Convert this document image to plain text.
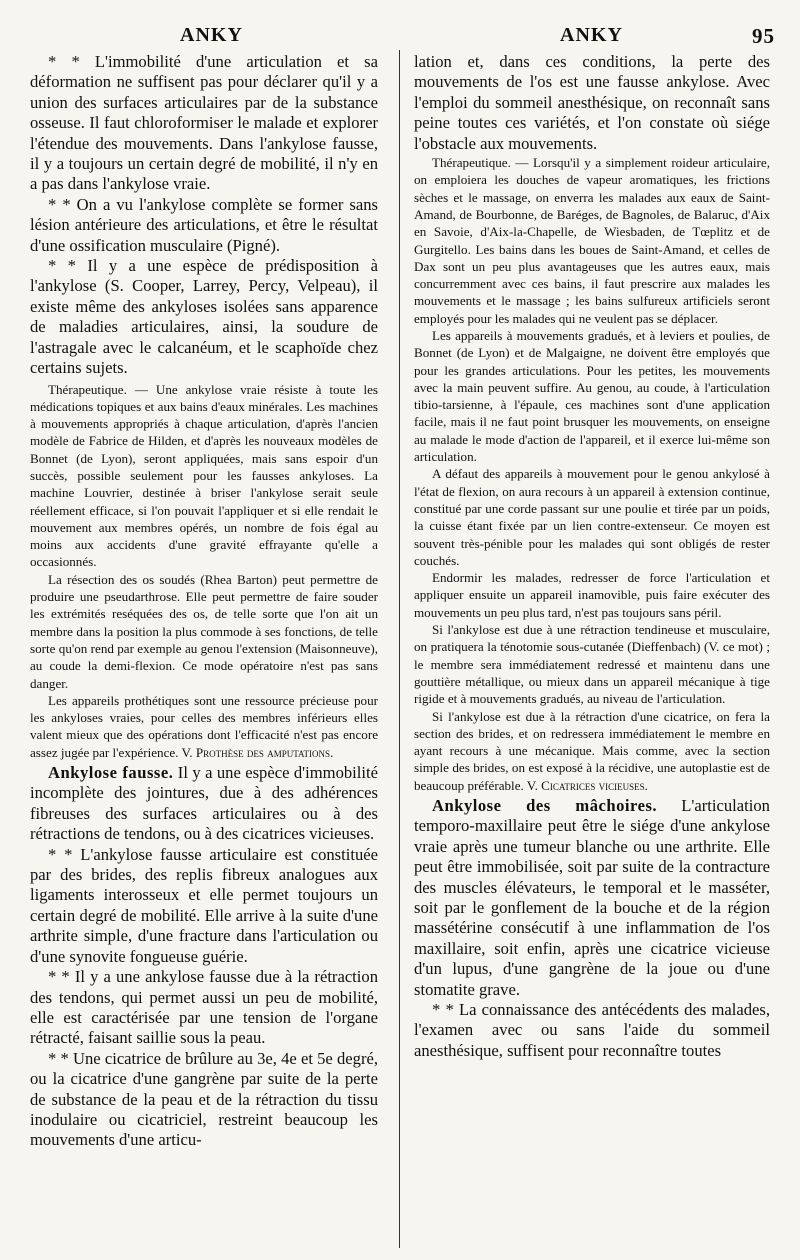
ANKY	ANKY	95

* * L'immobilité d'une articulation et sa déformation ne suffisent pas pour déclarer qu'il y a union des surfaces articulaires par de la substance osseuse. Il faut chloroformiser le malade et explorer l'étendue des mouvements. Dans l'ankylose fausse, il y a toujours un certain degré de mobilité, il n'y en a pas dans l'ankylose vraie.

* * On a vu l'ankylose complète se former sans lésion antérieure des articulations, et être le résultat d'une ossification musculaire (Pigné).

* * Il y a une espèce de prédisposition à l'ankylose (S. Cooper, Larrey, Percy, Velpeau), il existe même des ankyloses isolées sans apparence de maladies articulaires, ainsi, la soudure de l'astragale avec le calcanéum, et le scaphoïde chez certains sujets.

Thérapeutique. — Une ankylose vraie résiste à toute les médications topiques et aux bains d'eaux minérales. Les machines à mouvements appropriés à chaque articulation, d'après l'ancien modèle de Fabrice de Hilden, et d'après les nouveaux modèles de Bonnet (de Lyon), seront appliquées, mais sans espoir d'un succès, possible seulement pour les fausses ankyloses. La machine Louvrier, destinée à briser l'ankylose serait seule réellement efficace, si l'on pouvait l'appliquer et si elle rendait le mouvement aux membres opérés, un nombre de fois égal au moins aux accidents d'une gravité effrayante qu'elle a occasionnés.

La résection des os soudés (Rhea Barton) peut permettre de produire une pseudarthrose. Elle peut permettre de faire souder les extrémités reséquées des os, de telle sorte que l'on ait un membre dans la position la plus commode à ses fonctions, de telle sorte qu'on rend par exemple au genou l'extension (Maisonneuve), au coude la demi-flexion. Ce mode opératoire n'est pas sans danger.

Les appareils prothétiques sont une ressource précieuse pour les ankyloses vraies, pour celles des membres inférieurs elles valent mieux que des opérations dont l'efficacité n'est pas encore assez jugée par l'expérience. V. Prothèse des amputations.

Ankylose fausse. Il y a une espèce d'immobilité incomplète des jointures, due à des adhérences fibreuses des surfaces articulaires ou à des rétractions de tendons, ou à des cicatrices vicieuses.

* * L'ankylose fausse articulaire est constituée par des brides, des replis fibreux analogues aux ligaments interosseux et elle permet toujours un certain degré de mobilité. Elle arrive à la suite d'une arthrite simple, d'une fracture dans l'articulation ou d'une synovite fongueuse guérie.

* * Il y a une ankylose fausse due à la rétraction des tendons, qui permet aussi un peu de mobilité, elle est caractérisée par une tension de l'organe rétracté, faisant saillie sous la peau.

* * Une cicatrice de brûlure au 3e, 4e et 5e degré, ou la cicatrice d'une gangrène par suite de la perte de substance de la peau et de la rétraction du tissu inodulaire ou cicatriciel, restreint beaucoup les mouvements d'une articu-

lation et, dans ces conditions, la perte des mouvements de l'os est une fausse ankylose. Avec l'emploi du sommeil anesthésique, on reconnaît sans peine toutes ces variétés, et l'on constate où siége l'obstacle aux mouvements.

Thérapeutique. — Lorsqu'il y a simplement roideur articulaire, on emploiera les douches de vapeur aromatiques, les frictions sèches et le massage, on enverra les malades aux eaux de Saint-Amand, de Bourbonne, de Baréges, de Bagnoles, de Balaruc, d'Aix en Savoie, d'Aix-la-Chapelle, de Wiesbaden, de Tœplitz et de Gurgitello. Les bains dans les boues de Saint-Amand, et celles de Dax sont un peu plus avantageuses que les autres eaux, mais concurremment avec ces bains, il faut prescrire aux malades les mouvements et le massage ; les bains sulfureux artificiels seront employés pour les malades qui ne veulent pas se déplacer.

Les appareils à mouvements gradués, et à leviers et poulies, de Bonnet (de Lyon) et de Malgaigne, ne doivent être employés que pour les grandes articulations. Pour les petites, les mouvements avec la main peuvent suffire. Au genou, au coude, à l'articulation tibio-tarsienne, à l'épaule, ces machines sont d'une application facile, mais il ne faut point brusquer les mouvements, on enseigne au malade le mode d'action de l'appareil, et il exerce lui-même son articulation.

A défaut des appareils à mouvement pour le genou ankylosé à l'état de flexion, on aura recours à un appareil à extension continue, constitué par une corde passant sur une poulie et tirée par un poids, la cuisse étant fixée par un lien contre-extenseur. Ce moyen est souvent très-pénible pour les malades qui sont obligés de rester couchés.

Endormir les malades, redresser de force l'articulation et appliquer ensuite un appareil inamovible, puis faire exécuter des mouvements un peu plus tard, n'est pas toujours sans péril.

Si l'ankylose est due à une rétraction tendineuse et musculaire, on pratiquera la ténotomie sous-cutanée (Dieffenbach) (V. ce mot) ; le membre sera immédiatement redressé et maintenu dans une gouttière métallique, ou mieux dans un appareil mécanique à tige rigide et à mouvements gradués, au niveau de l'articulation.

Si l'ankylose est due à la rétraction d'une cicatrice, on fera la section des brides, et on redressera immédiatement le membre en ayant recours à une mécanique. Mais comme, avec la section simple des brides, on est exposé à la récidive, une autoplastie est de beaucoup préférable. V. Cicatrices vicieuses.

Ankylose des mâchoires. L'articulation temporo-maxillaire peut être le siége d'une ankylose vraie après une tumeur blanche ou une arthrite. Elle peut être immobilisée, soit par suite de la contracture des muscles élévateurs, le temporal et le masséter, soit par le gonflement de la bouche et de la région massétérine consécutif à une inflammation de l'os maxillaire, soit enfin, après une cicatrice vicieuse d'un lupus, d'une gangrène de la joue ou d'une stomatite grave.

* * La connaissance des antécédents des malades, l'examen avec ou sans l'aide du sommeil anesthésique, suffisent pour reconnaître toutes
